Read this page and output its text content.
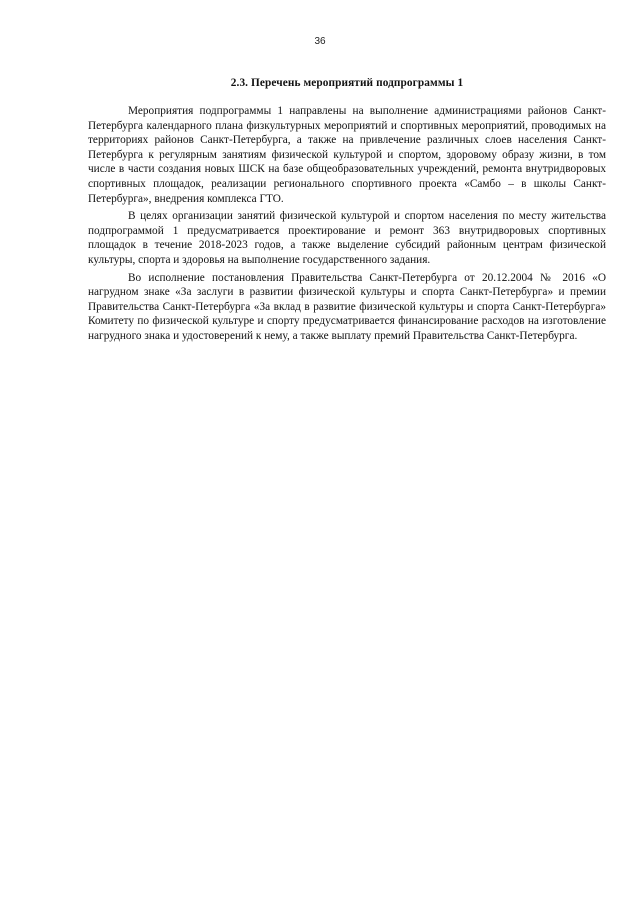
36
2.3. Перечень мероприятий подпрограммы 1

Мероприятия подпрограммы 1 направлены на выполнение администрациями районов Санкт-Петербурга календарного плана физкультурных мероприятий и спортивных мероприятий, проводимых на территориях районов Санкт-Петербурга, а также на привлечение различных слоев населения Санкт-Петербурга к регулярным занятиям физической культурой и спортом, здоровому образу жизни, в том числе в части создания новых ШСК на базе общеобразовательных учреждений, ремонта внутридворовых спортивных площадок, реализации регионального спортивного проекта «Самбо – в школы Санкт-Петербурга», внедрения комплекса ГТО.

В целях организации занятий физической культурой и спортом населения по месту жительства подпрограммой 1 предусматривается проектирование и ремонт 363 внутридворовых спортивных площадок в течение 2018-2023 годов, а также выделение субсидий районным центрам физической культуры, спорта и здоровья на выполнение государственного задания.

Во исполнение постановления Правительства Санкт-Петербурга от 20.12.2004 № 2016 «О нагрудном знаке «За заслуги в развитии физической культуры и спорта Санкт-Петербурга» и премии Правительства Санкт-Петербурга «За вклад в развитие физической культуры и спорта Санкт-Петербурга» Комитету по физической культуре и спорту предусматривается финансирование расходов на изготовление нагрудного знака и удостоверений к нему, а также выплату премий Правительства Санкт-Петербурга.
